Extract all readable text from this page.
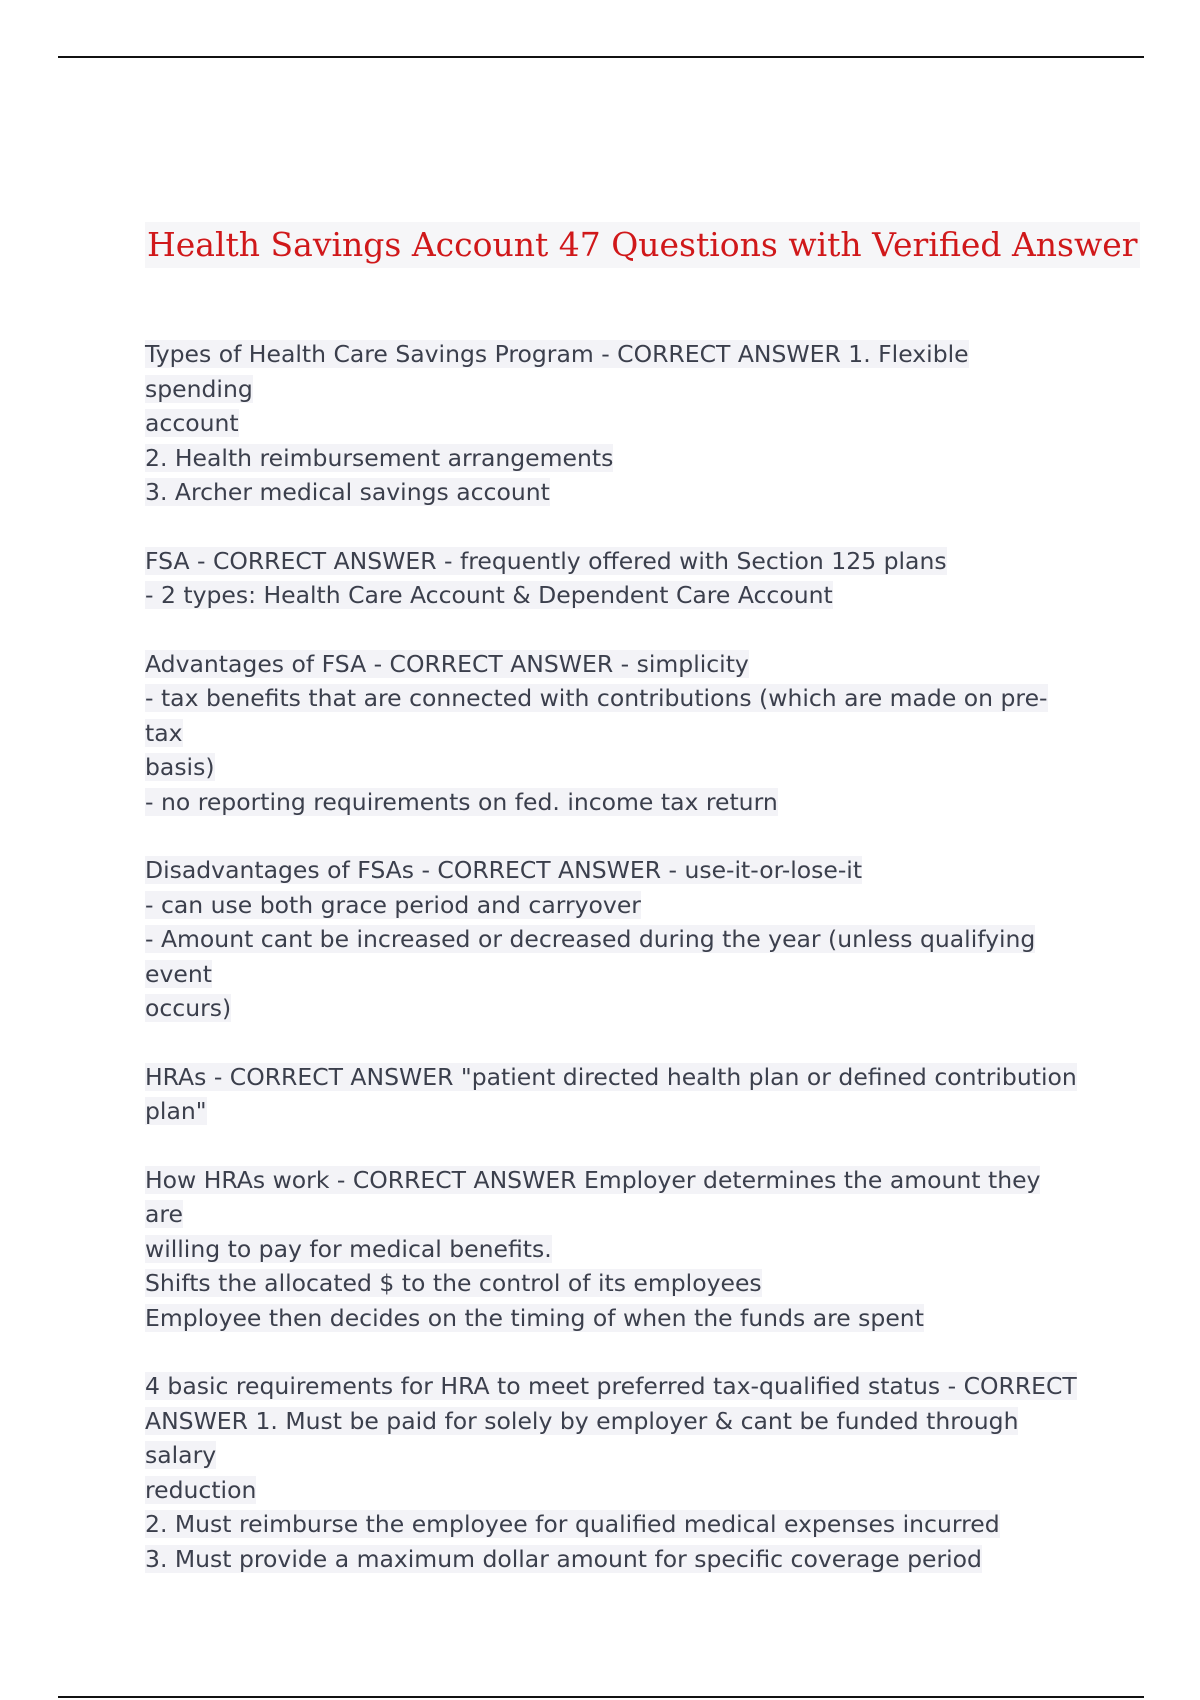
Health Savings Account 47 Questions with Verified Answer
Types of Health Care Savings Program - CORRECT ANSWER 1. Flexible spending
account
2. Health reimbursement arrangements
3. Archer medical savings account
FSA - CORRECT ANSWER - frequently offered with Section 125 plans
- 2 types: Health Care Account & Dependent Care Account
Advantages of FSA - CORRECT ANSWER - simplicity
- tax benefits that are connected with contributions (which are made on pre-tax
basis)
- no reporting requirements on fed. income tax return
Disadvantages of FSAs - CORRECT ANSWER - use-it-or-lose-it
- can use both grace period and carryover
- Amount cant be increased or decreased during the year (unless qualifying event
occurs)
HRAs - CORRECT ANSWER "patient directed health plan or defined contribution
plan"
How HRAs work - CORRECT ANSWER Employer determines the amount they are
willing to pay for medical benefits.
Shifts the allocated $ to the control of its employees
Employee then decides on the timing of when the funds are spent
4 basic requirements for HRA to meet preferred tax-qualified status - CORRECT
ANSWER 1. Must be paid for solely by employer & cant be funded through salary
reduction
2. Must reimburse the employee for qualified medical expenses incurred
3. Must provide a maximum dollar amount for specific coverage period
